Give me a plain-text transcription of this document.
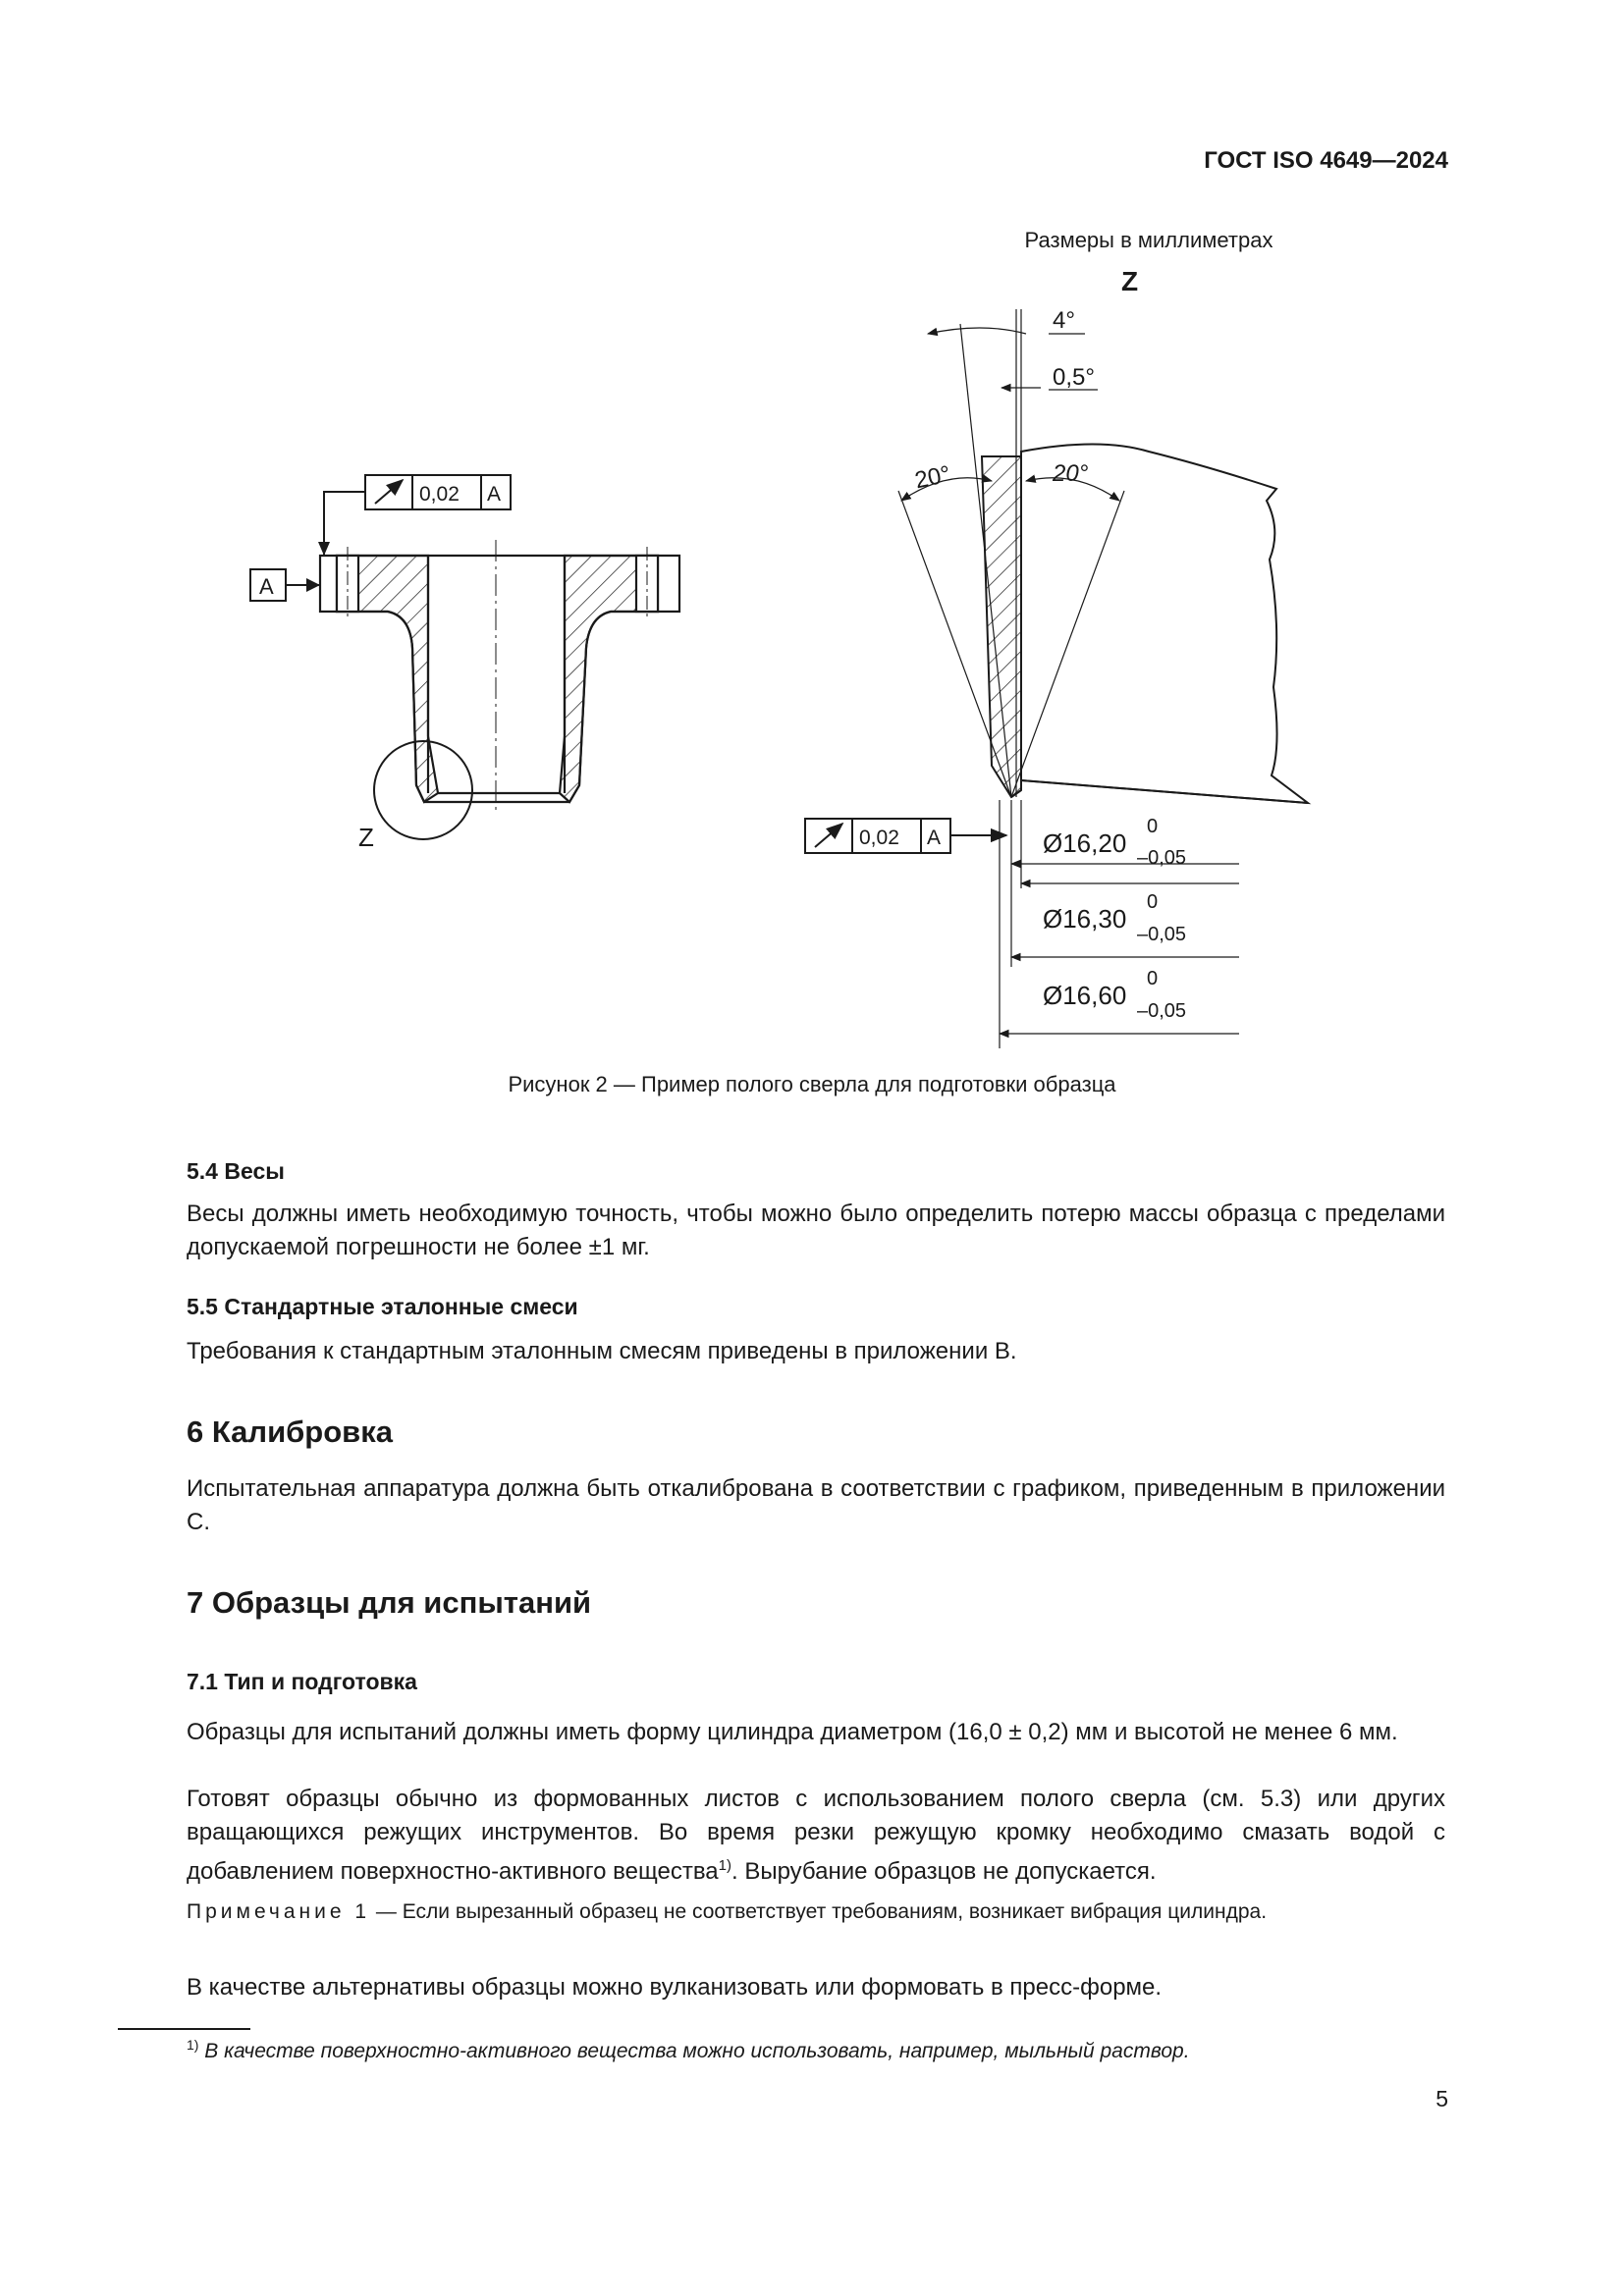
ГОСТ ISO 4649—2024
Размеры в миллиметрах
Z
A
0,02 A
4°
0,5°
20°	20°
Z
0,02 A	Ø16,20
0
–0,05
Ø16,30
0
–0,05
Ø16,60
0
–0,05
Рисунок 2 — Пример полого сверла для подготовки образца
5.4 Весы
Весы должны иметь необходимую точность, чтобы можно было определить потерю массы образца с пределами допускаемой погрешности не более ±1 мг.
5.5 Стандартные эталонные смеси
Требования к стандартным эталонным смесям приведены в приложении B.
6 Калибровка
Испытательная аппаратура должна быть откалибрована в соответствии с графиком, приведенным в приложении C.
7 Образцы для испытаний
7.1 Тип и подготовка
Образцы для испытаний должны иметь форму цилиндра диаметром (16,0 ± 0,2) мм и высотой не менее 6 мм.
Готовят образцы обычно из формованных листов с использованием полого сверла (см. 5.3) или других вращающихся режущих инструментов. Во время резки режущую кромку необходимо смазать водой с добавлением поверхностно-активного вещества$^{1)}$. Вырубание образцов не допускается.
Примечание 1 — Если вырезанный образец не соответствует требованиям, возникает вибрация цилиндра.
В качестве альтернативы образцы можно вулканизовать или формовать в пресс-форме.
$^{1)}$ В качестве поверхностно-активного вещества можно использовать, например, мыльный раствор.
5
